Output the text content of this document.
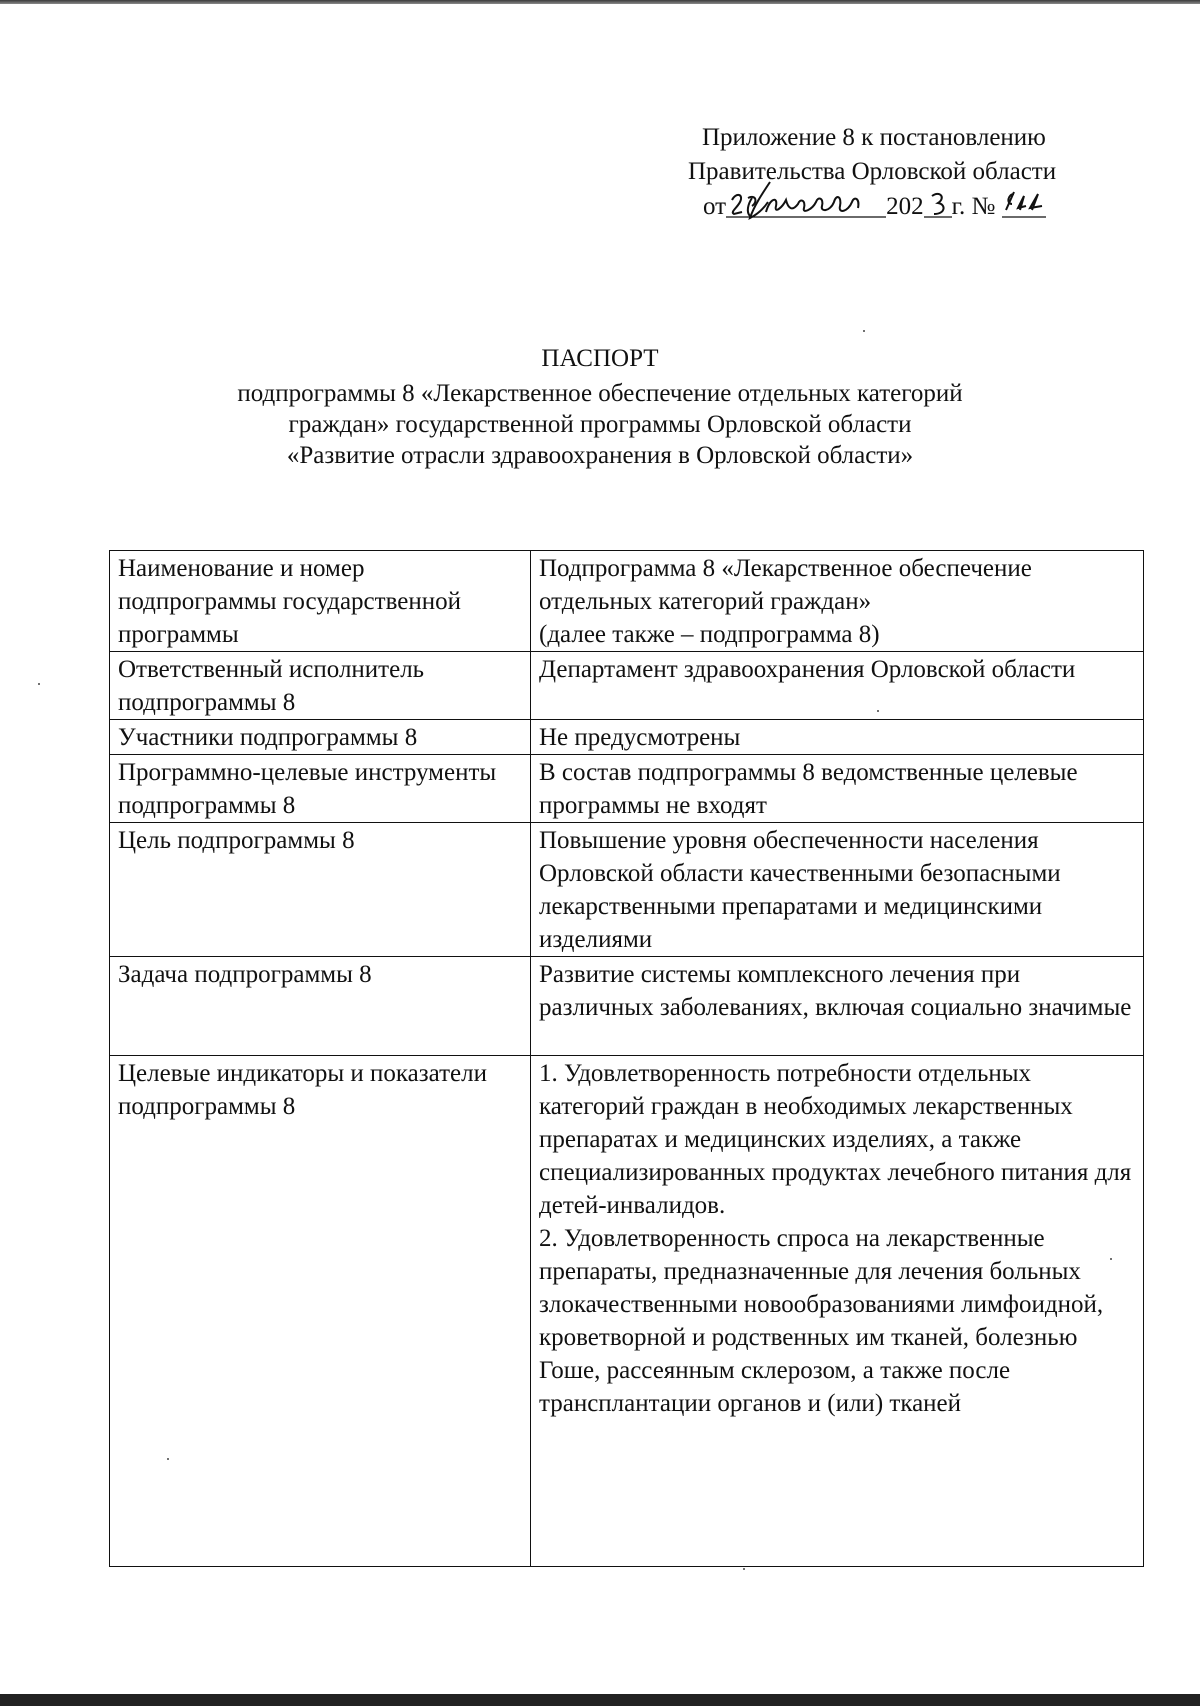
Приложение 8 к постановлению
Правительства Орловской области
от	202 г. №
ПАСПОРТ
подпрограммы 8 «Лекарственное обеспечение отдельных категорий
граждан» государственной программы Орловской области
«Развитие отрасли здравоохранения в Орловской области»
Наименование и номер подпрограммы государственной программы	Подпрограмма 8 «Лекарственное обеспечение отдельных категорий граждан»
(далее также – подпрограмма 8)

Ответственный исполнитель подпрограммы 8	Департамент здравоохранения Орловской области

Участники подпрограммы 8	Не предусмотрены

Программно-целевые инструменты подпрограммы 8	В состав подпрограммы 8 ведомственные целевые программы не входят

Цель подпрограммы 8	Повышение уровня обеспеченности населения Орловской области качественными безопасными лекарственными препаратами и медицинскими изделиями

Задача подпрограммы 8	Развитие системы комплексного лечения при различных заболеваниях, включая социально значимые

Целевые индикаторы и показатели подпрограммы 8	1. Удовлетворенность потребности отдельных категорий граждан в необходимых лекарственных препаратах и медицинских изделиях, а также специализированных продуктах лечебного питания для детей-инвалидов.
2. Удовлетворенность спроса на лекарственные препараты, предназначенные для лечения больных злокачественными новообразованиями лимфоидной, кроветворной и родственных им тканей, болезнью Гоше, рассеянным склерозом, а также после трансплантации органов и (или) тканей
